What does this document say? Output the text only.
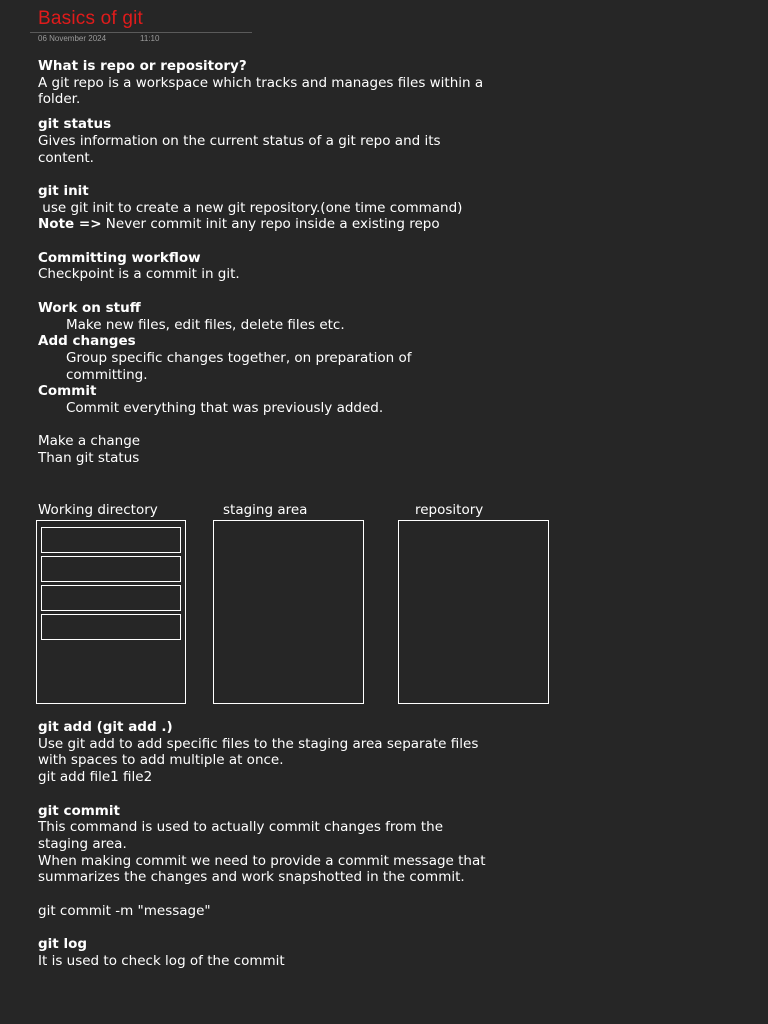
Basics of git
06 November 2024	11:10
What is repo or repository?
A git repo is a workspace which tracks and manages files within a
folder.
git status
Gives information on the current status of a git repo and its
content.
git init
use git init to create a new git repository.(one time command)
Note => Never commit init any repo inside a existing repo
Committing workflow
Checkpoint is a commit in git.
Work on stuff
Make new files, edit files, delete files etc.
Add changes
Group specific changes together, on preparation of
committing.
Commit
Commit everything that was previously added.
Make a change
Than git status
Working directory	staging area	repository
git add (git add .)
Use git add to add specific files to the staging area separate files
with spaces to add multiple at once.
git add file1 file2
git commit
This command is used to actually commit changes from the
staging area.
When making commit we need to provide a commit message that
summarizes the changes and work snapshotted in the commit.
git commit -m "message"
git log
It is used to check log of the commit
